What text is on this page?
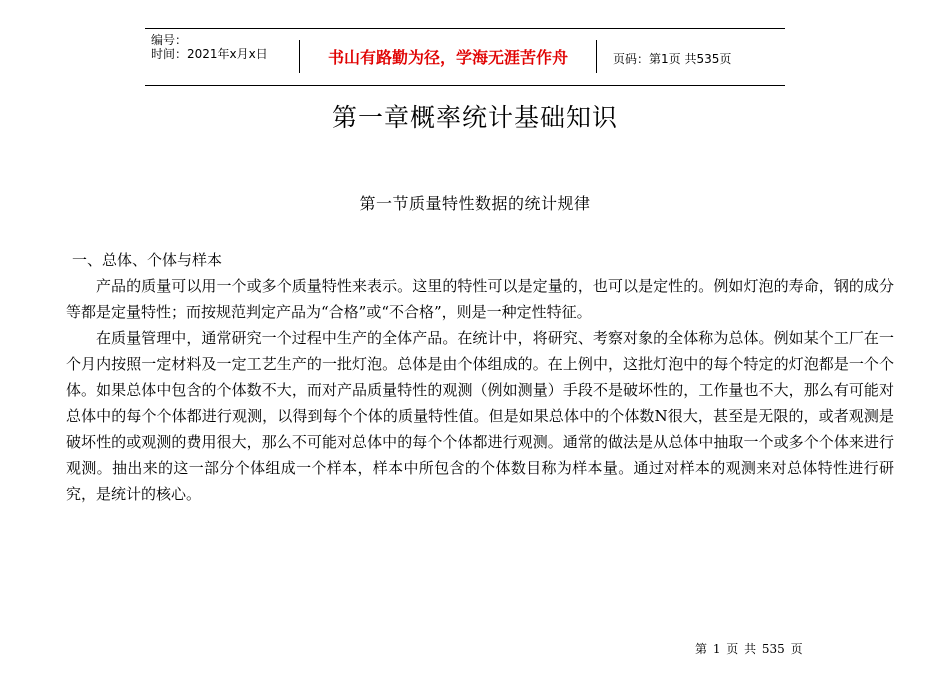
编号：
时间：2021年x月x日	书山有路勤为径，学海无涯苦作舟	页码：第1页 共535页
第一章概率统计基础知识
第一节质量特性数据的统计规律

一、总体、个体与样本

产品的质量可以用一个或多个质量特性来表示。这里的特性可以是定量的，也可以是定性的。例如灯泡的寿命，钢的成分等都是定量特性；而按规范判定产品为“合格”或“不合格”，则是一种定性特征。

在质量管理中，通常研究一个过程中生产的全体产品。在统计中，将研究、考察对象的全体称为总体。例如某个工厂在一个月内按照一定材料及一定工艺生产的一批灯泡。总体是由个体组成的。在上例中，这批灯泡中的每个特定的灯泡都是一个个体。如果总体中包含的个体数不大，而对产品质量特性的观测（例如测量）手段不是破坏性的，工作量也不大，那么有可能对总体中的每个个体都进行观测，以得到每个个体的质量特性值。但是如果总体中的个体数N很大，甚至是无限的，或者观测是破坏性的或观测的费用很大，那么不可能对总体中的每个个体都进行观测。通常的做法是从总体中抽取一个或多个个体来进行观测。抽出来的这一部分个体组成一个样本，样本中所包含的个体数目称为样本量。通过对样本的观测来对总体特性进行研究，是统计的核心。

第 1 页 共 535 页
